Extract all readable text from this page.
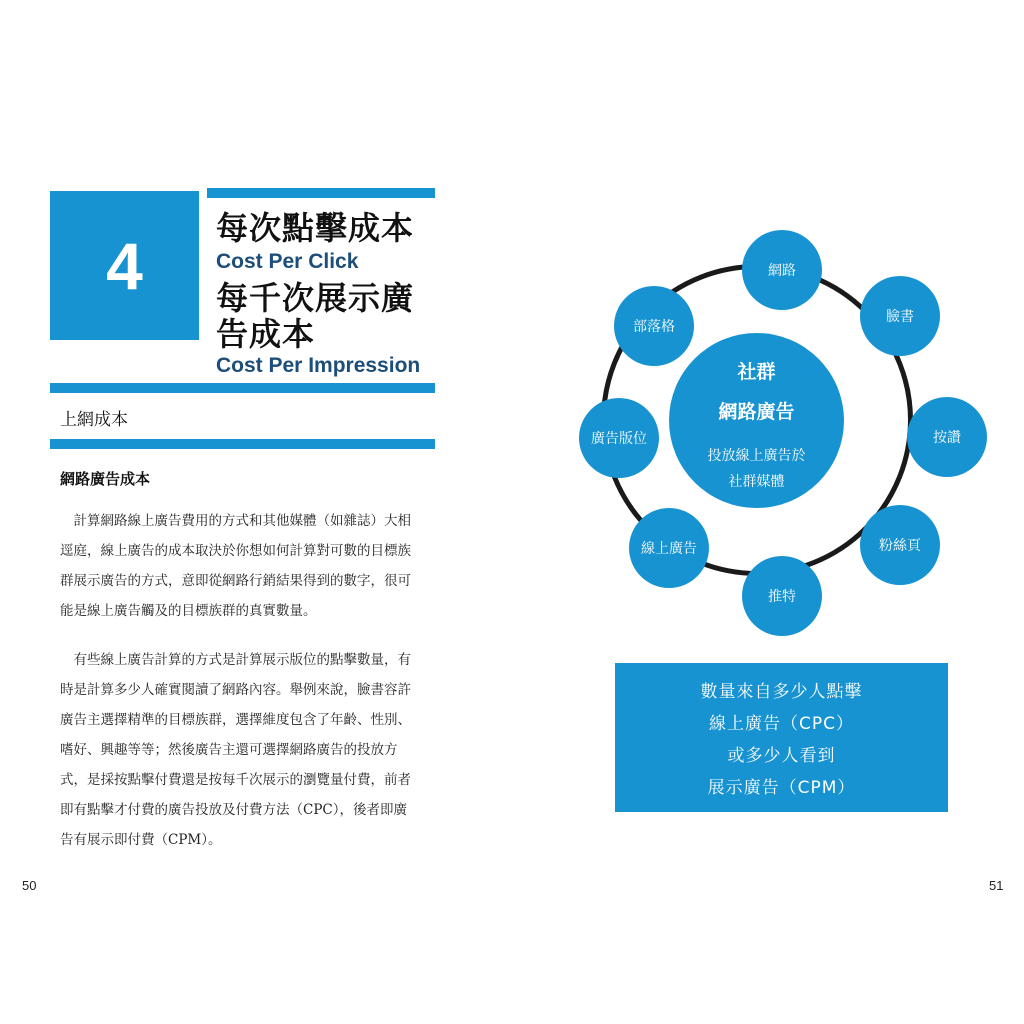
4
每次點擊成本
Cost Per Click
每千次展示廣
告成本
Cost Per Impression
上網成本
網路廣告成本
　計算網路線上廣告費用的方式和其他媒體（如雜誌）大相
逕庭，線上廣告的成本取決於你想如何計算對可數的目標族
群展示廣告的方式，意即從網路行銷結果得到的數字，很可
能是線上廣告觸及的目標族群的真實數量。
　有些線上廣告計算的方式是計算展示版位的點擊數量，有
時是計算多少人確實閱讀了網路內容。舉例來說，臉書容許
廣告主選擇精準的目標族群，選擇維度包含了年齡、性別、
嗜好、興趣等等；然後廣告主還可選擇網路廣告的投放方
式，是採按點擊付費還是按每千次展示的瀏覽量付費，前者
即有點擊才付費的廣告投放及付費方法（CPC），後者即廣
告有展示即付費（CPM）。
50
社群
網路廣告
投放線上廣告於
社群媒體
網路
臉書
按讚
粉絲頁
推特
線上廣告
廣告版位
部落格
數量來自多少人點擊
線上廣告（CPC）
或多少人看到
展示廣告（CPM）
51
